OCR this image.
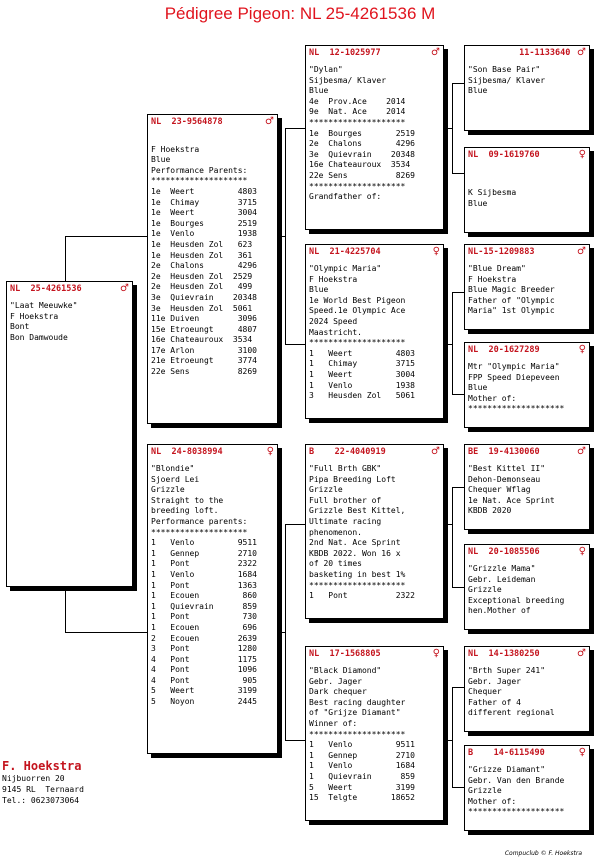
Pédigree Pigeon: NL 25-4261536 M
NL  25-4261536	♂
"Laat Meeuwke"
F Hoekstra
Bont
Bon Damwoude
NL  23-9564878	♂

F Hoekstra
Blue
Performance Parents:
********************
1e  Weert         4803
1e  Chimay        3715
1e  Weert         3004
1e  Bourges       2519
1e  Venlo         1938
1e  Heusden Zol   623
1e  Heusden Zol   361
2e  Chalons       4296
2e  Heusden Zol  2529
2e  Heusden Zol   499
3e  Quievrain    20348
3e  Heusden Zol  5061
11e Duiven        3096
15e Etroeungt     4807
16e Chateauroux  3534
17e Arlon         3100
21e Etroeungt     3774
22e Sens          8269
NL  24-8038994	♀
"Blondie"
Sjoerd Lei
Grizzle
Straight to the
breeding loft.
Performance parents:
********************
1   Venlo         9511
1   Gennep        2710
1   Pont          2322
1   Venlo         1684
1   Pont          1363
1   Ecouen         860
1   Quievrain      859
1   Pont           730
1   Ecouen         696
2   Ecouen        2639
3   Pont          1280
4   Pont          1175
4   Pont          1096
4   Pont           905
5   Weert         3199
5   Noyon         2445
NL  12-1025977	♂
"Dylan"
Sijbesma/ Klaver
Blue
4e  Prov.Ace    2014
9e  Nat. Ace    2014
********************
1e  Bourges       2519
2e  Chalons       4296
3e  Quievrain    20348
16e Chateauroux  3534
22e Sens          8269
********************
Grandfather of:
NL  21-4225704	♀
"Olympic Maria"
F Hoekstra
Blue
1e World Best Pigeon
Speed.1e Olympic Ace
2024 Speed
Maastricht.
********************
1   Weert         4803
1   Chimay        3715
1   Weert         3004
1   Venlo         1938
3   Heusden Zol   5061
B    22-4040919	♂
"Full Brth GBK"
Pipa Breeding Loft
Grizzle
Full brother of
Grizzle Best Kittel,
Ultimate racing
phenomenon.
2nd Nat. Ace Sprint
KBDB 2022. Won 16 x
of 20 times
basketing in best 1%
********************
1   Pont          2322
NL  17-1568805	♀
"Black Diamond"
Gebr. Jager
Dark chequer
Best racing daughter
of "Grijze Diamant"
Winner of:
********************
1   Venlo         9511
1   Gennep        2710
1   Venlo         1684
1   Quievrain      859
5   Weert         3199
15  Telgte       18652
11-1133640 ♂
"Son Base Pair"
Sijbesma/ Klaver
Blue
NL  09-1619760	♀

K Sijbesma
Blue
NL-15-1209883	♂
"Blue Dream"
F Hoekstra
Blue Magic Breeder
Father of "Olympic
Maria" 1st Olympic
NL  20-1627289	♀
Mtr "Olympic Maria"
FPP Speed Diepeveen
Blue
Mother of:
********************
BE  19-4130060	♂
"Best Kittel II"
Dehon-Demonseau
Chequer Wflag
1e Nat. Ace Sprint
KBDB 2020
NL  20-1085506	♀
"Grizzle Mama"
Gebr. Leideman
Grizzle
Exceptional breeding
hen.Mother of
NL  14-1380250	♂
"Brth Super 241"
Gebr. Jager
Chequer
Father of 4
different regional
B    14-6115490	♀
"Grizze Diamant"
Gebr. Van den Brande
Grizzle
Mother of:
********************
F. Hoekstra
Nijbuorren 20
9145 RL  Ternaard
Tel.: 0623073064
Compuclub © F. Hoekstra
